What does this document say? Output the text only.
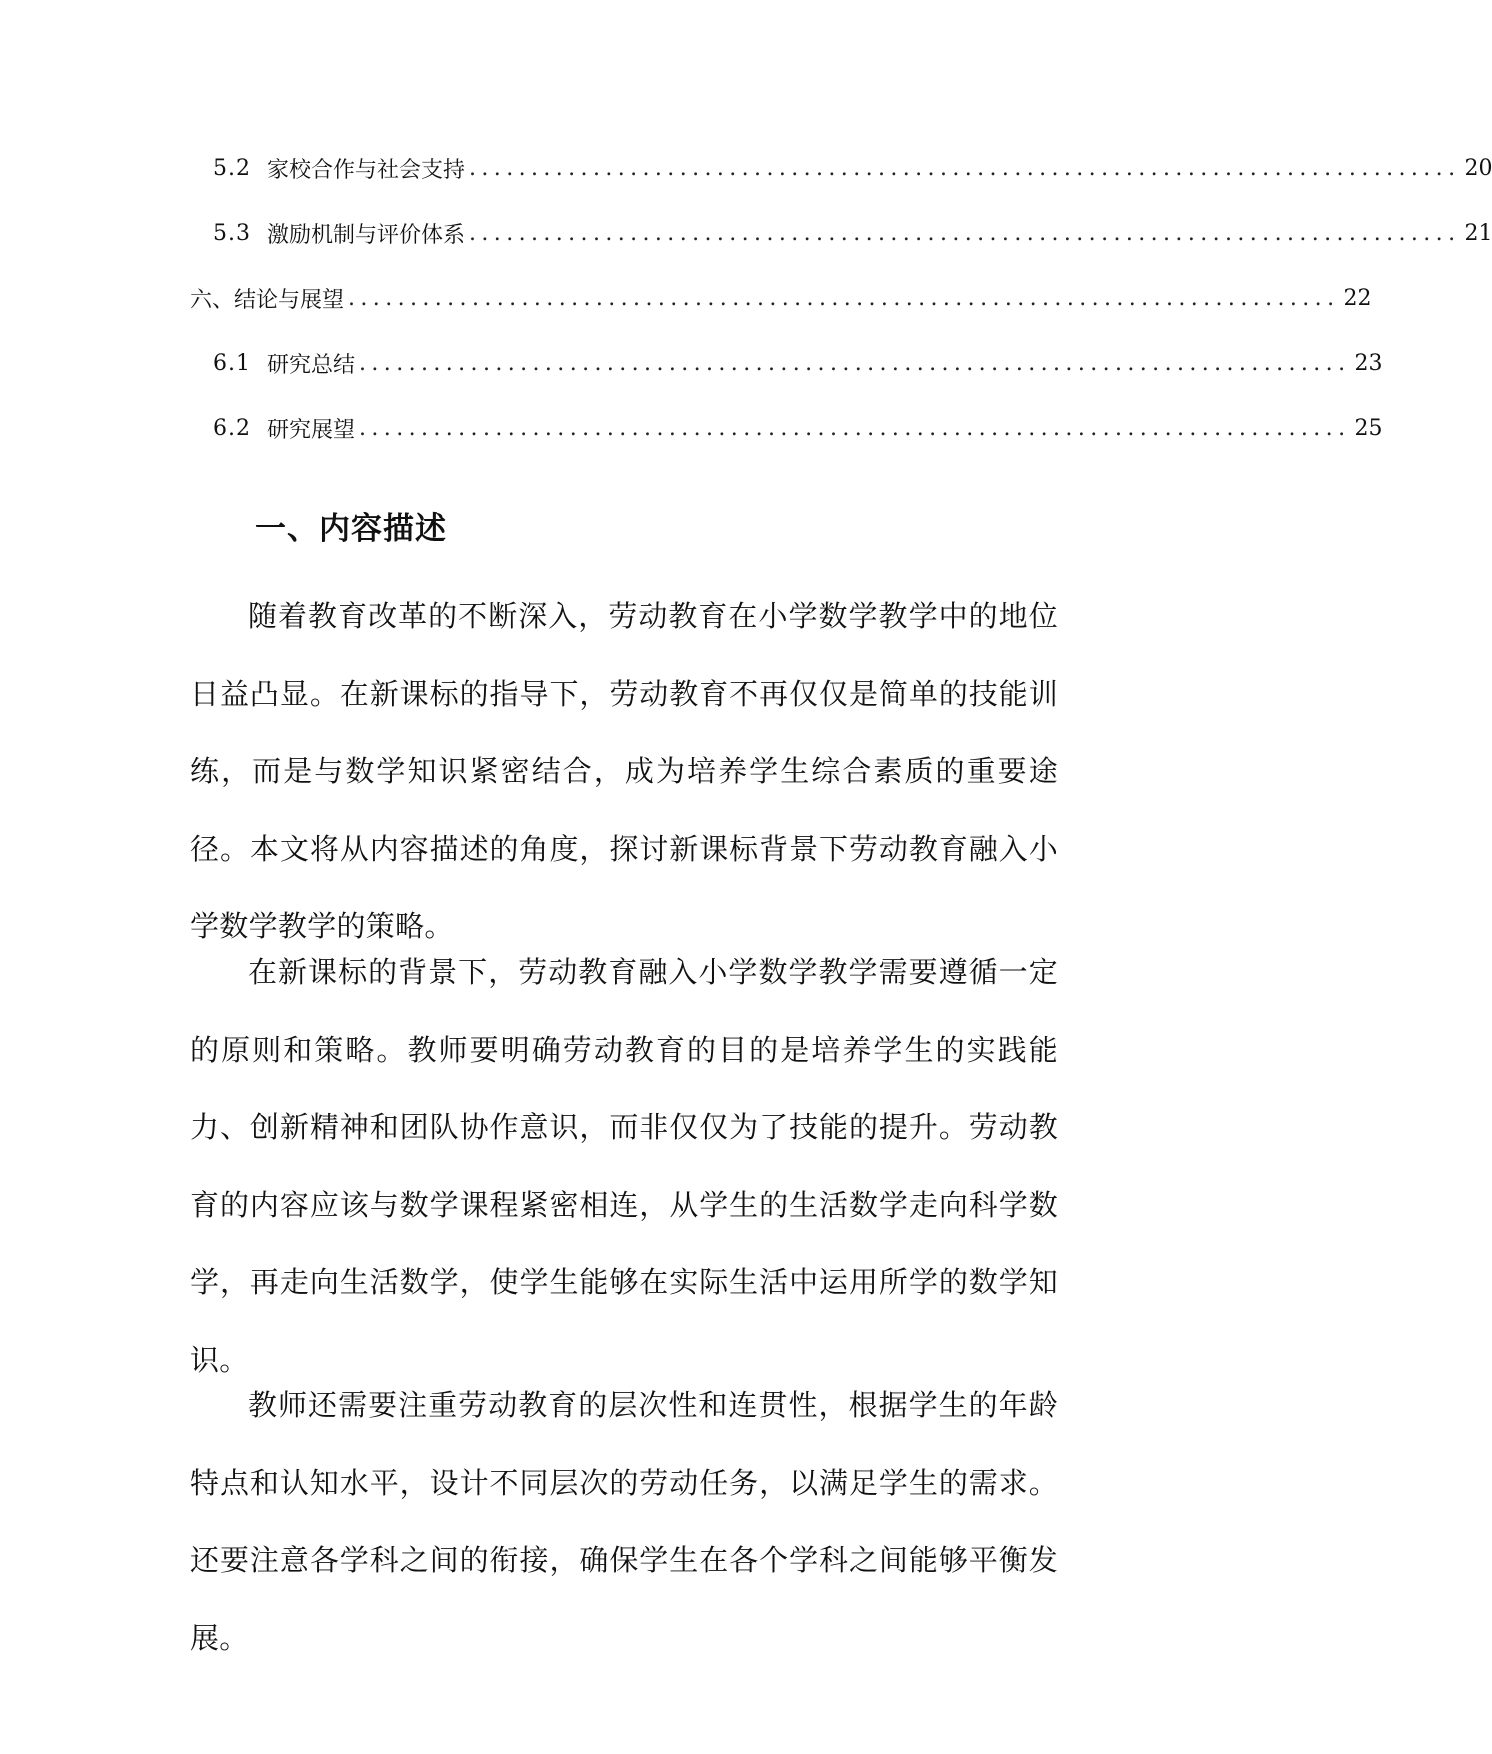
5.2 家校合作与社会支持 ................................................................................ 20
5.3 激励机制与评价体系 ................................................................................ 21
六、结论与展望 ................................................................................ 22
6.1 研究总结 ................................................................................ 23
6.2 研究展望 ................................................................................ 25
一、内容描述

随着教育改革的不断深入，劳动教育在小学数学教学中的地位日益凸显。在新课标的指导下，劳动教育不再仅仅是简单的技能训练，而是与数学知识紧密结合，成为培养学生综合素质的重要途径。本文将从内容描述的角度，探讨新课标背景下劳动教育融入小学数学教学的策略。

在新课标的背景下，劳动教育融入小学数学教学需要遵循一定的原则和策略。教师要明确劳动教育的目的是培养学生的实践能力、创新精神和团队协作意识，而非仅仅为了技能的提升。劳动教育的内容应该与数学课程紧密相连，从学生的生活数学走向科学数学，再走向生活数学，使学生能够在实际生活中运用所学的数学知识。

教师还需要注重劳动教育的层次性和连贯性，根据学生的年龄特点和认知水平，设计不同层次的劳动任务，以满足学生的需求。还要注意各学科之间的衔接，确保学生在各个学科之间能够平衡发展。
